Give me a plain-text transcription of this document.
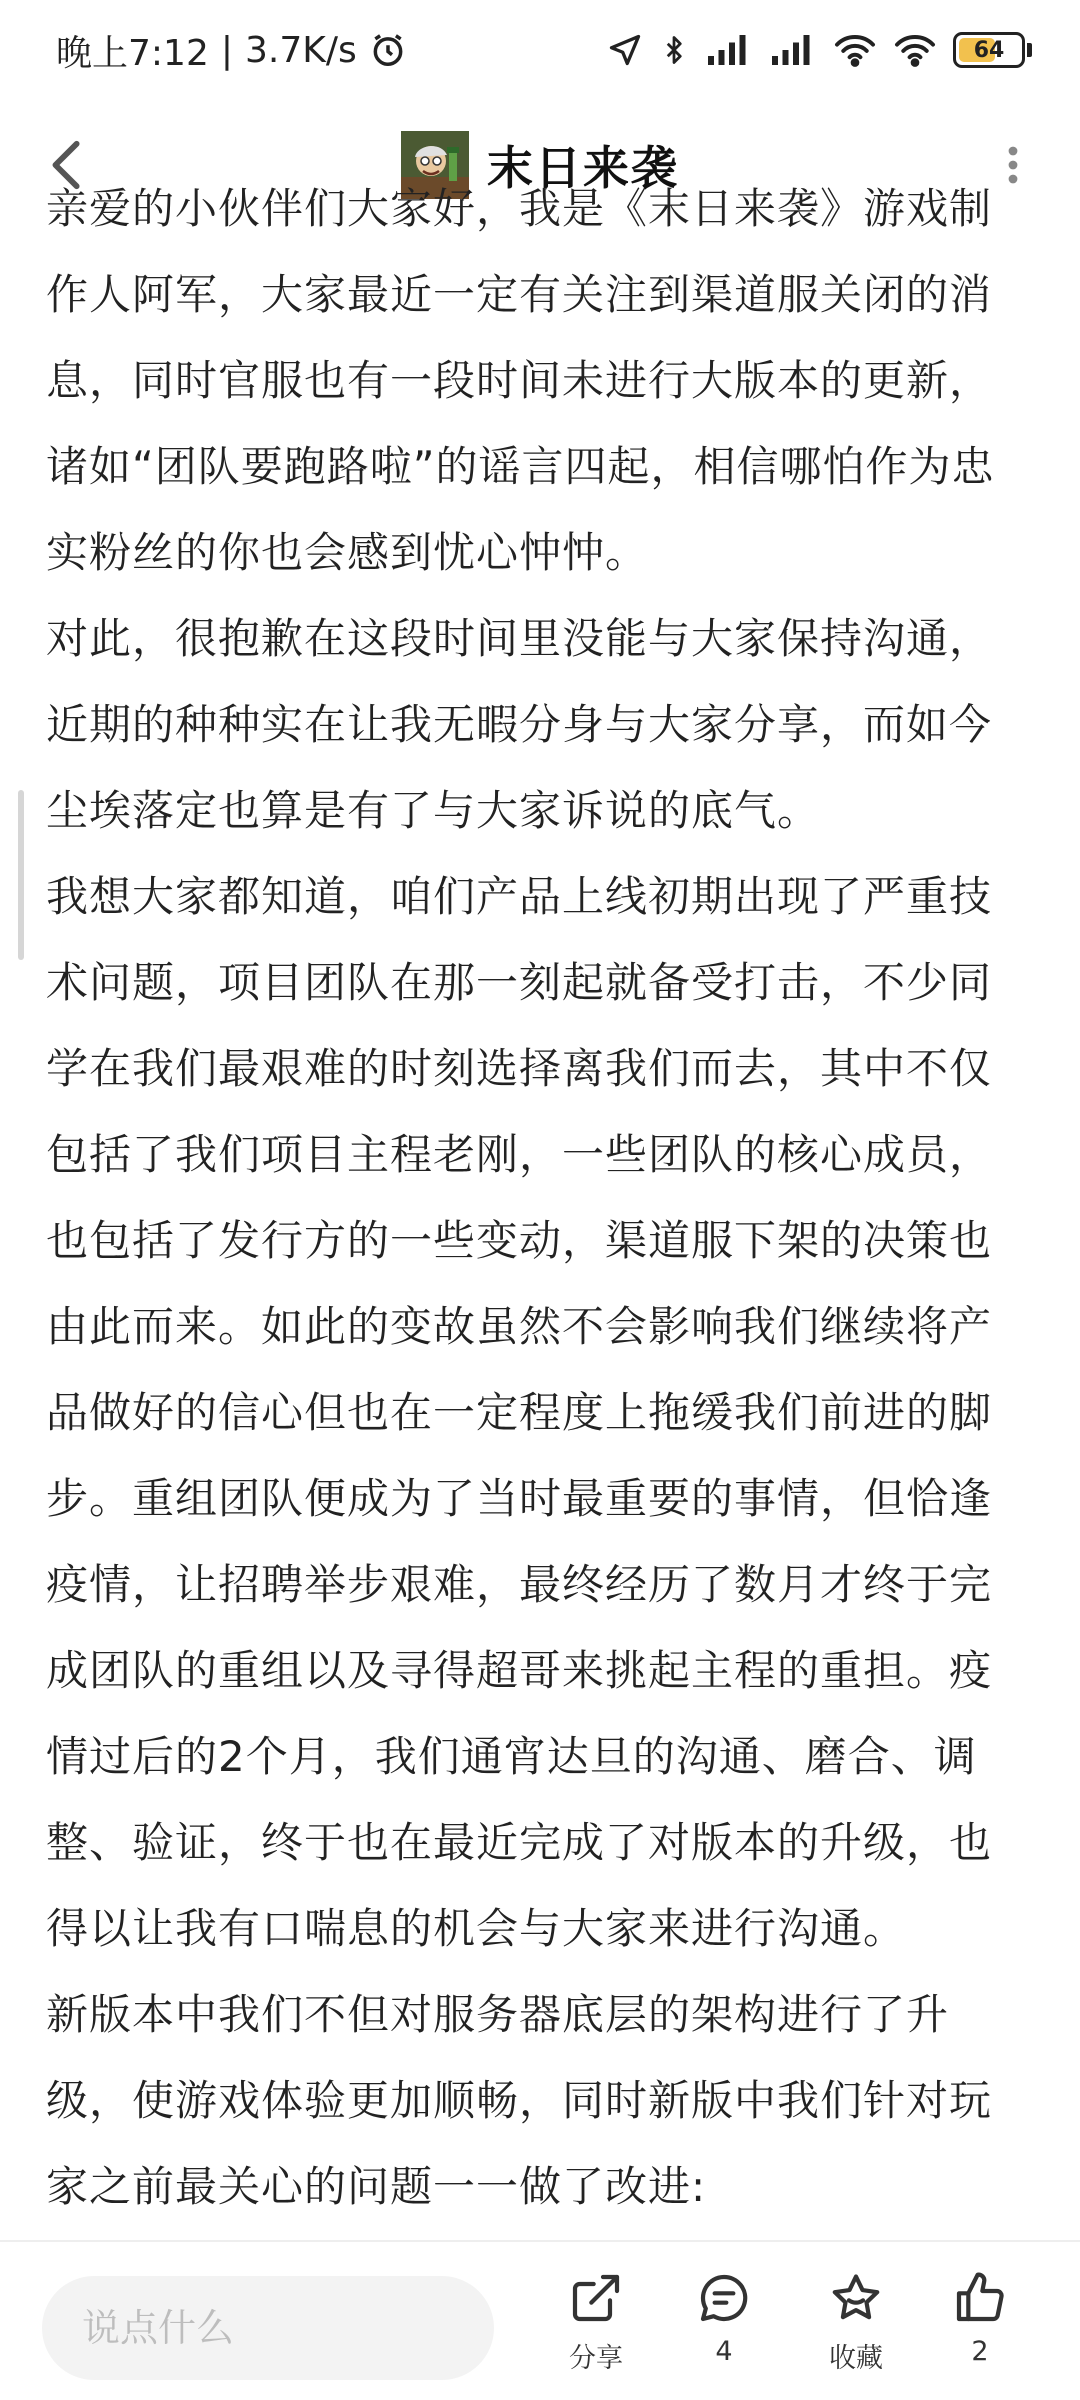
晚上7:12 | 3.7K/s	64
末日来袭

亲爱的小伙伴们大家好，我是《末日来袭》游戏制作人阿军，大家最近一定有关注到渠道服关闭的消息，同时官服也有一段时间未进行大版本的更新，诸如“团队要跑路啦”的谣言四起，相信哪怕作为忠实粉丝的你也会感到忧心忡忡。

对此，很抱歉在这段时间里没能与大家保持沟通，近期的种种实在让我无暇分身与大家分享，而如今尘埃落定也算是有了与大家诉说的底气。

我想大家都知道，咱们产品上线初期出现了严重技术问题，项目团队在那一刻起就备受打击，不少同学在我们最艰难的时刻选择离我们而去，其中不仅包括了我们项目主程老刚，一些团队的核心成员，也包括了发行方的一些变动，渠道服下架的决策也由此而来。如此的变故虽然不会影响我们继续将产品做好的信心但也在一定程度上拖缓我们前进的脚步。重组团队便成为了当时最重要的事情，但恰逢疫情，让招聘举步艰难，最终经历了数月才终于完成团队的重组以及寻得超哥来挑起主程的重担。疫情过后的2个月，我们通宵达旦的沟通、磨合、调整、验证，终于也在最近完成了对版本的升级，也得以让我有口喘息的机会与大家来进行沟通。

新版本中我们不但对服务器底层的架构进行了升级，使游戏体验更加顺畅，同时新版中我们针对玩家之前最关心的问题一一做了改进:

说点什么
分享	4	收藏	2
